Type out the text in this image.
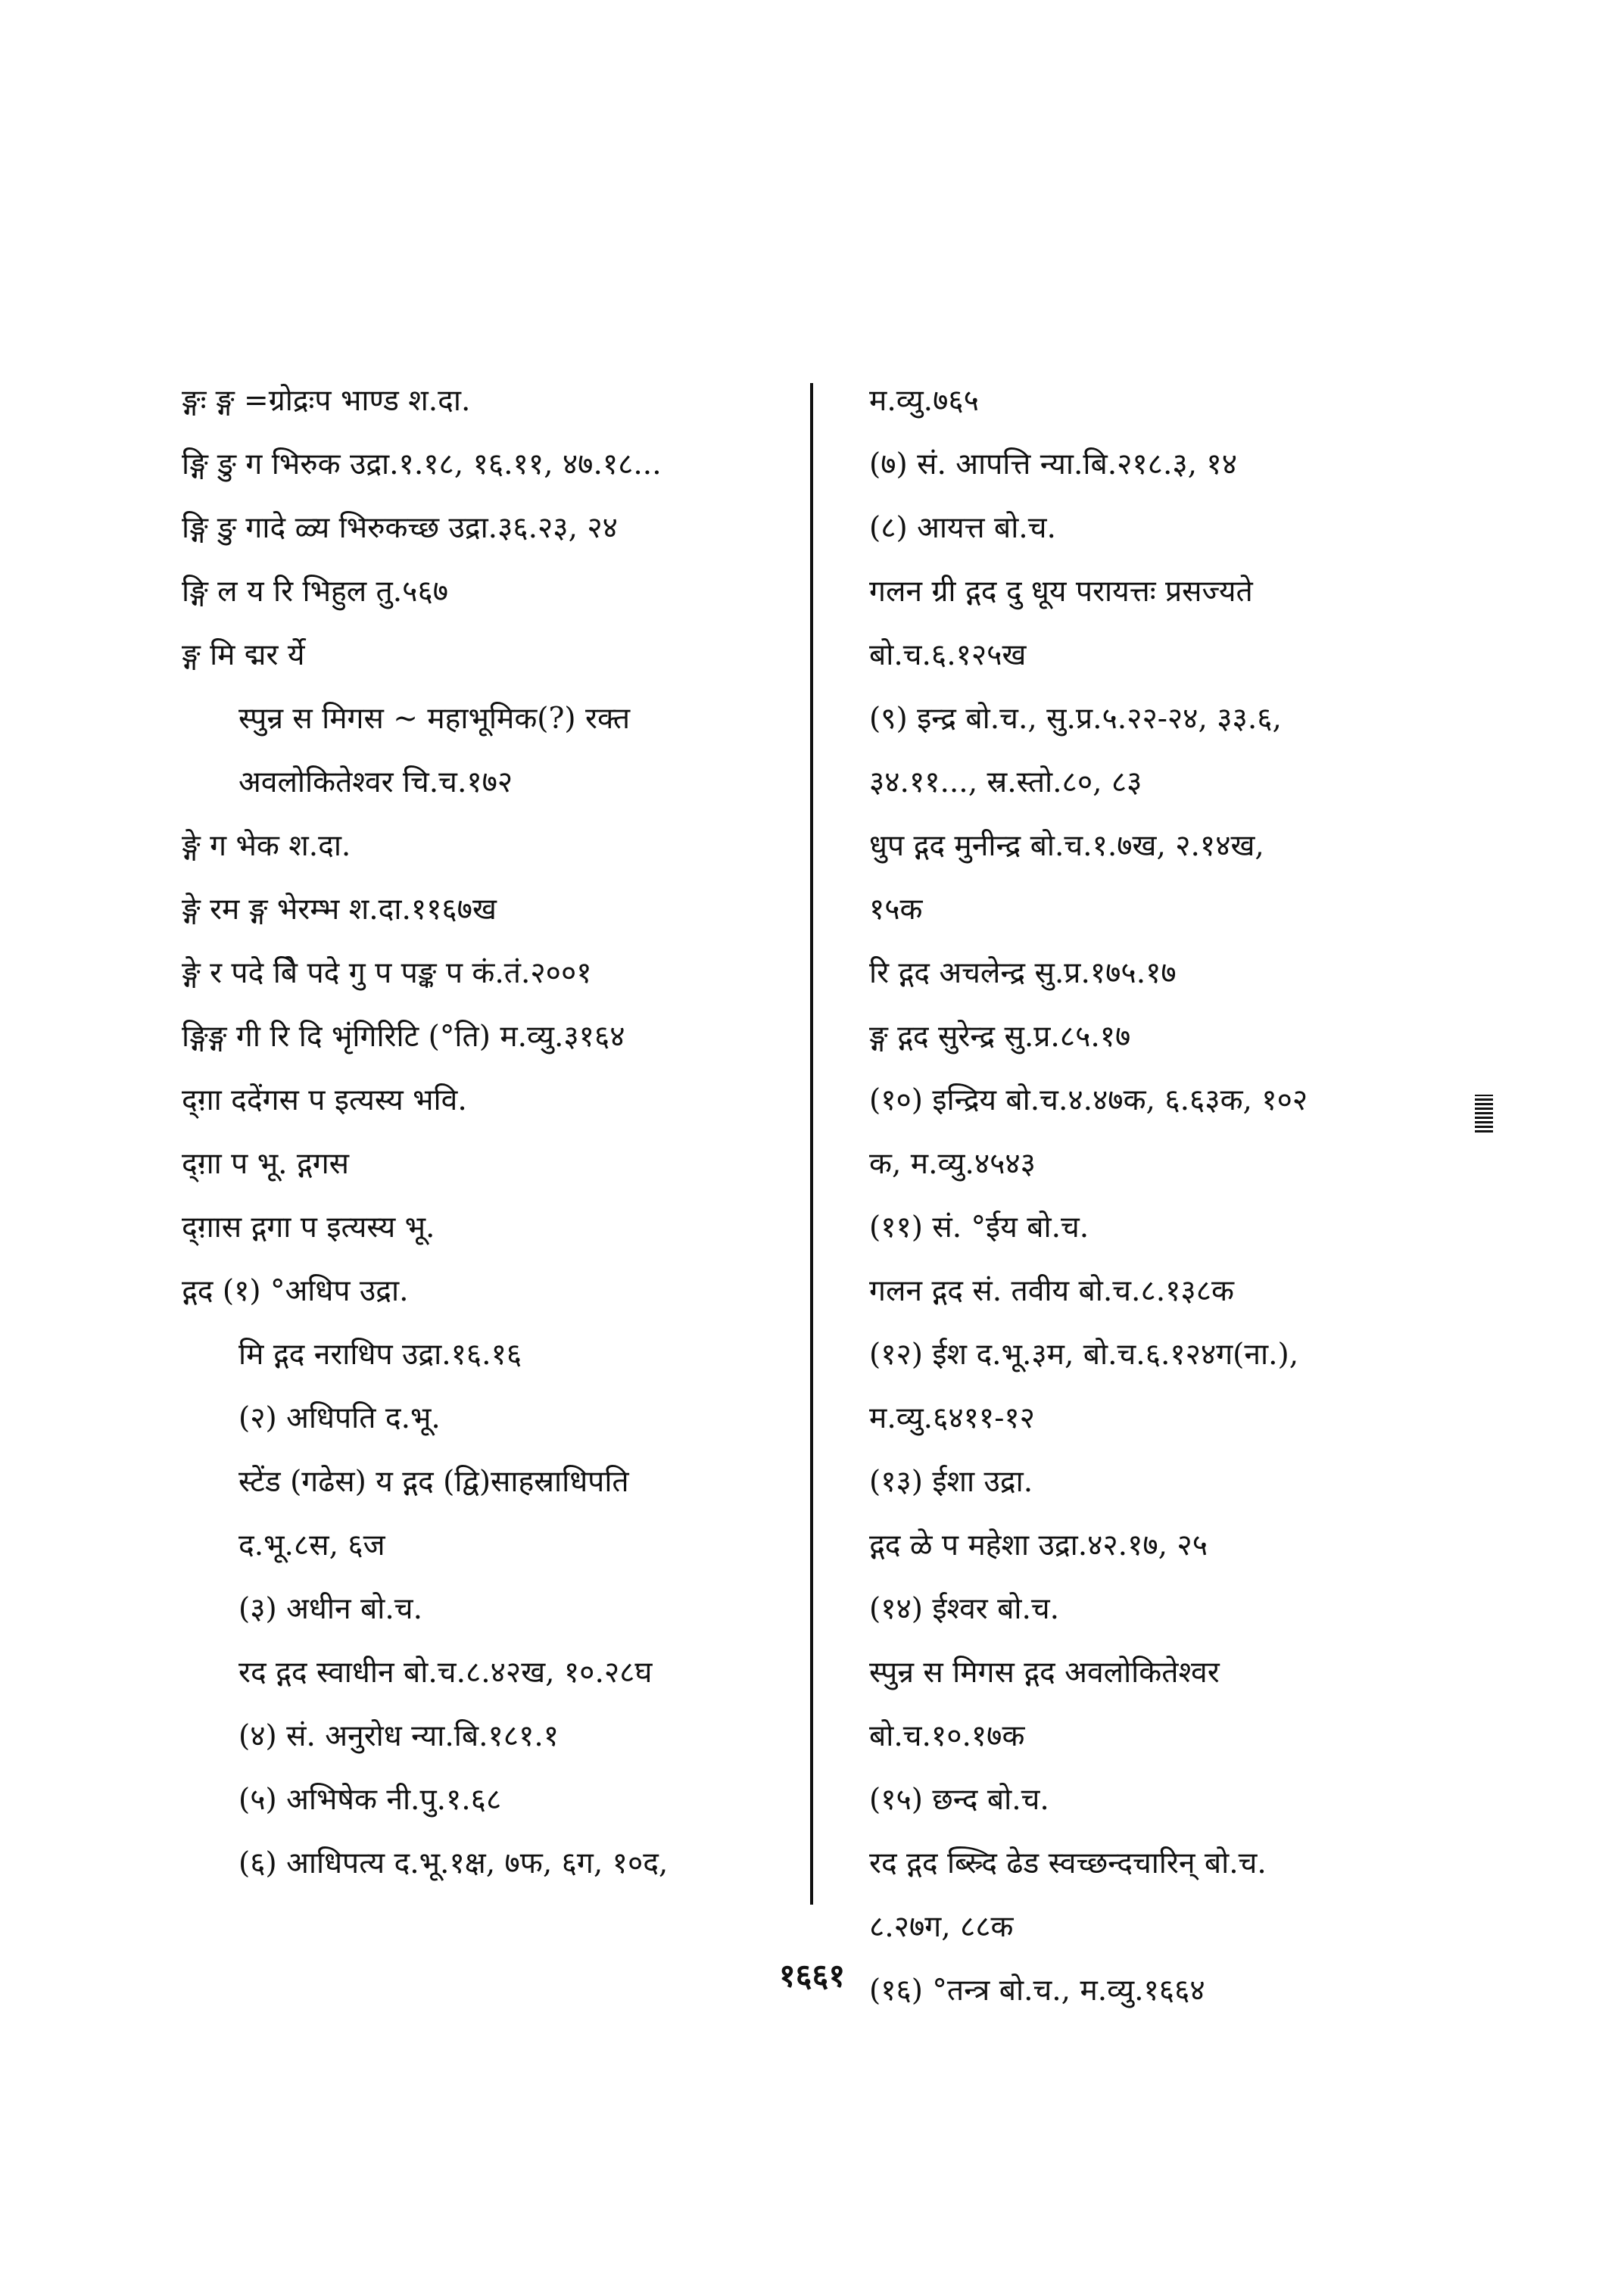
ङ्गः ङ्ग =ग्रोद्रःप भाण्ड श.दा.

ङ्गि ङु ग भिरुक उद्रा.१.१८, १६.११, ४७.१८...

ङ्गि ङु गादे ळ्य भिरुकच्छ उद्रा.३६.२३, २४

ङ्गि ल य रि भिहुल तु.५६७

ङ्ग मि द्मर र्ये

स्पुन्र स मिगस ~ महाभूमिक(?) रक्त

अवलोकितेश्वर चि.च.१७२

ङ्गे ग भेक श.दा.

ङ्गे रम ङ्ग भेरम्भ श.दा.११६७ख

ङ्गे र पदे बिे पदे गु प पङ्क प कं.तं.२००१

ङ्गिङ्ग गी रि दि भृंगिरिटि (°ति) म.व्यु.३१६४

द्ग़ा ददेंगस प इत्यस्य भवि.

द्ग़ा प भू. द्गगस

द्ग़ास द्गगा प इत्यस्य भू.

द्गद (१) °अधिप उद्रा.

मि द्गद नराधिप उद्रा.१६.१६

(२) अधिपति द.भू.

स्टेंड (गढेस) य द्गद (द्वि)साहस्राधिपति

द.भू.८स, ६ज

(३) अधीन बो.च.

रद द्गद स्वाधीन बो.च.८.४२ख, १०.२८घ

(४) सं. अनुरोध न्या.बि.१८१.१

(५) अभिषेक नी.पु.१.६८

(६) आधिपत्य द.भू.१क्ष, ७फ, ६ग, १०द,

म.व्यु.७६५

(७) सं. आपत्ति न्या.बि.२१८.३, १४

(८) आयत्त बो.च.

गलन ग्री द्गद दु धूय परायत्तः प्रसज्यते

बो.च.६.१२५ख

(९) इन्द्र बो.च., सु.प्र.५.२२-२४, ३३.६,

३४.११..., स्र.स्तो.८०, ८३

धुप द्गद मुनीन्द्र बो.च.१.७ख, २.१४ख,

१५क

रि द्गद अचलेन्द्र सु.प्र.१७५.१७

ङ्ग द्गद सुरेन्द्र सु.प्र.८५.१७

(१०) इन्द्रिय बो.च.४.४७क, ६.६३क, १०२

क, म.व्यु.४५४३

(११) सं. °ईय बो.च.

गलन द्गद सं. तवीय बो.च.८.१३८क

(१२) ईश द.भू.३म, बो.च.६.१२४ग(ना.),

म.व्यु.६४११-१२

(१३) ईशा उद्रा.

द्गद ळे प महेशा उद्रा.४२.१७, २५

(१४) ईश्वर बो.च.

स्पुन्र स मिगस द्गद अवलोकितेश्वर

बो.च.१०.१७क

(१५) छन्द बो.च.

रद द्गद ब्स्र्दि ढेड स्वच्छन्दचारिन् बो.च.

८.२७ग, ८८क

(१६) °तन्त्र बो.च., म.व्यु.१६६४

१६६१
